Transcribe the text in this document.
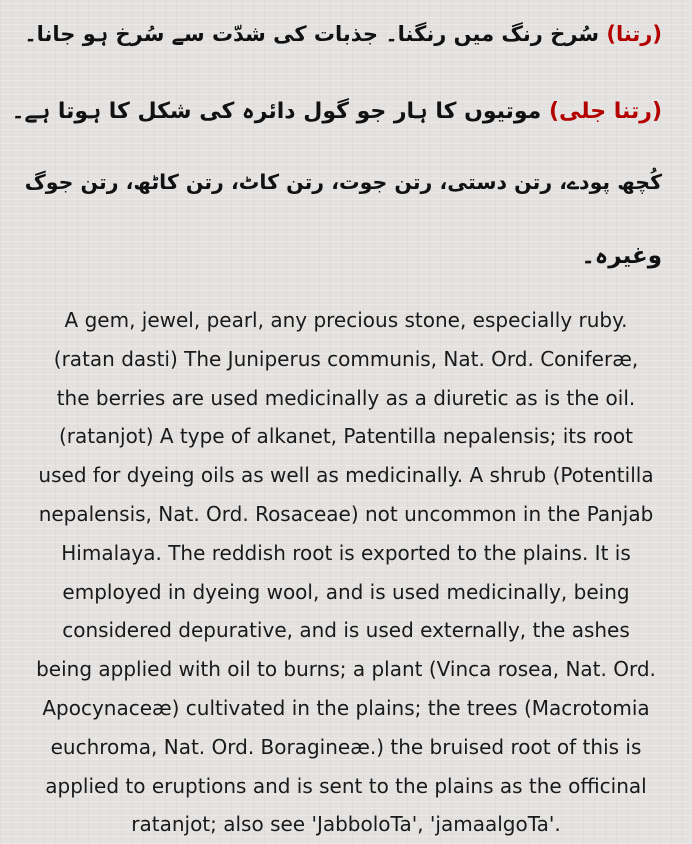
(رتنا) سُرخ رنگ میں رنگنا۔ جذبات کی شدّت سے سُرخ ہو جانا۔
(رتنا جلی) موتیوں کا ہار جو گول دائرہ کی شکل کا ہوتا ہے۔
کُچھ پودے، رتن دستی، رتن جوت، رتن کاٹ، رتن کاٹھ، رتن جوگ
وغیرہ۔
A gem, jewel, pearl, any precious stone, especially ruby.
(ratan dasti) The Juniperus communis, Nat. Ord. Coniferæ,
the berries are used medicinally as a diuretic as is the oil.
(ratanjot) A type of alkanet, Patentilla nepalensis; its root
used for dyeing oils as well as medicinally. A shrub (Potentilla
nepalensis, Nat. Ord. Rosaceae) not uncommon in the Panjab
Himalaya. The reddish root is exported to the plains. It is
employed in dyeing wool, and is used medicinally, being
considered depurative, and is used externally, the ashes
being applied with oil to burns; a plant (Vinca rosea, Nat. Ord.
Apocynaceæ) cultivated in the plains; the trees (Macrotomia
euchroma, Nat. Ord. Boragineæ.) the bruised root of this is
applied to eruptions and is sent to the plains as the officinal
ratanjot; also see 'JabboloTa', 'jamaalgoTa'.
